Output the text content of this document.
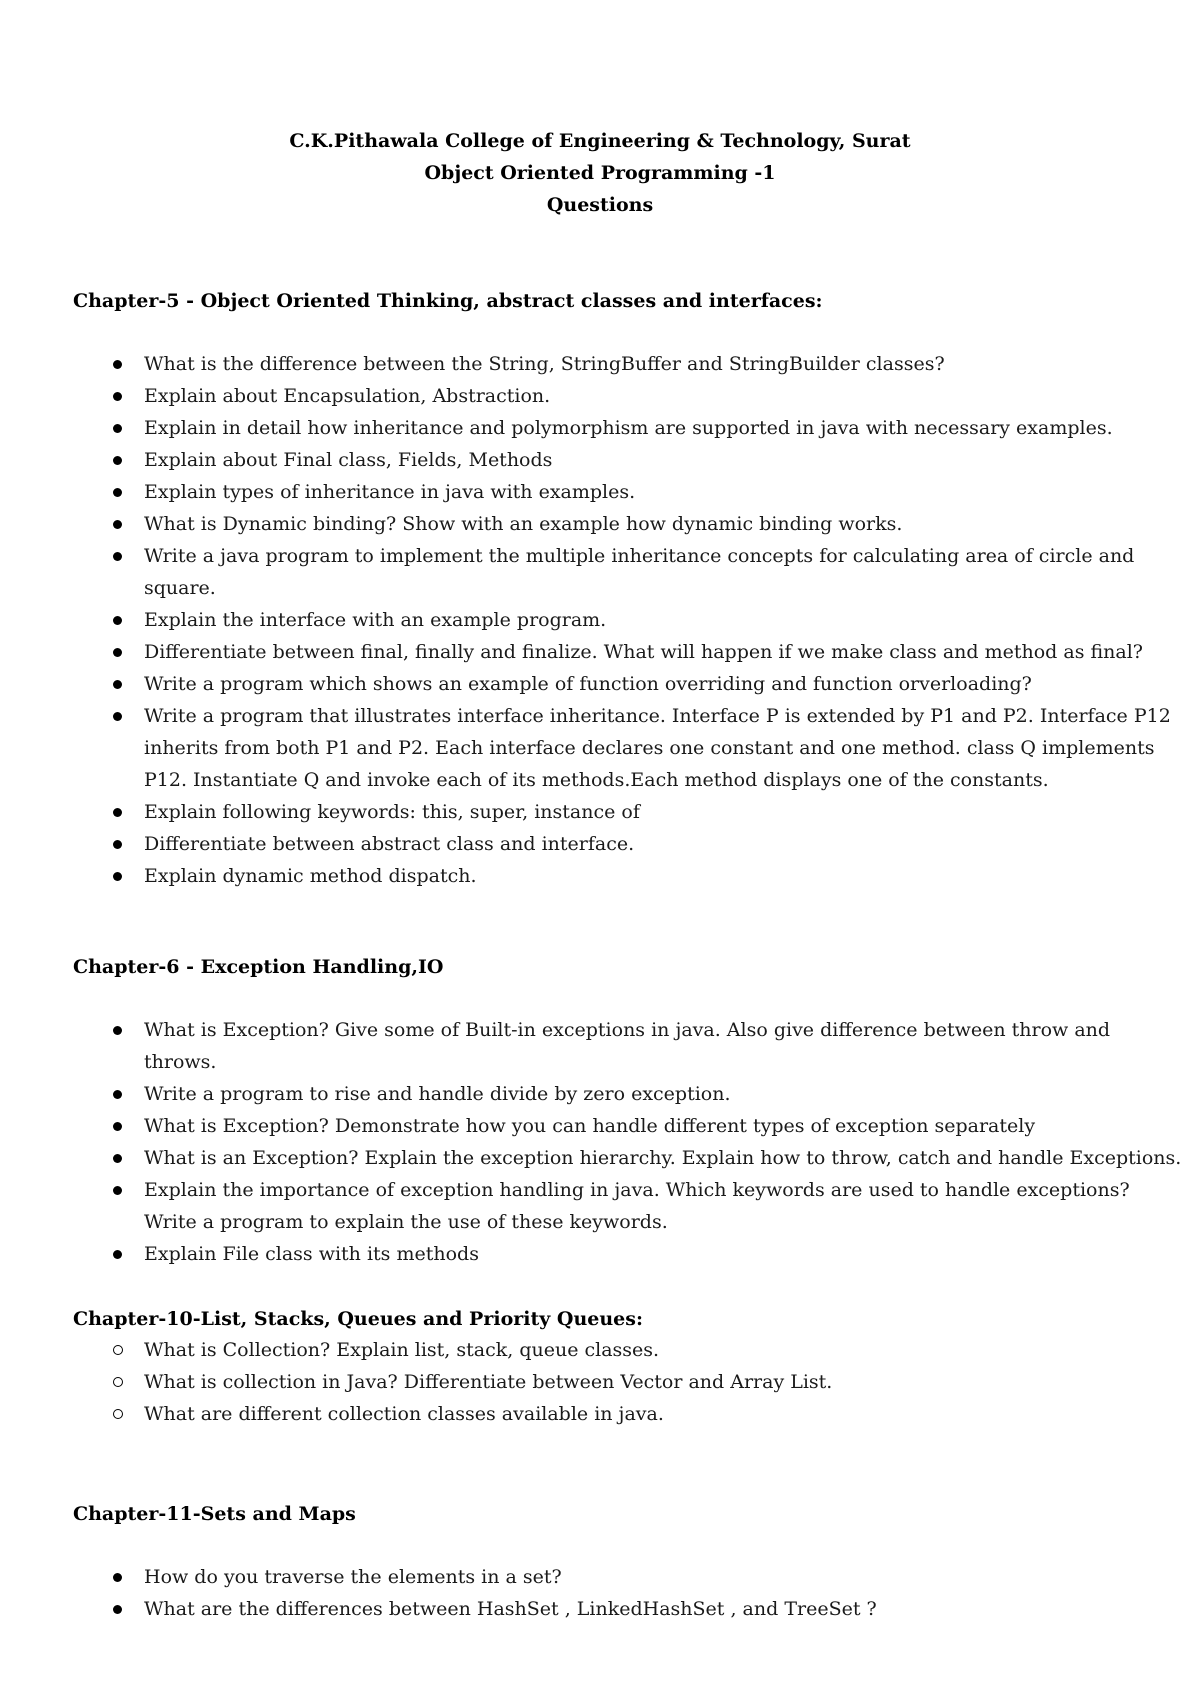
C.K.Pithawala College of Engineering & Technology, Surat
Object Oriented Programming -1
Questions
Chapter-5 - Object Oriented Thinking, abstract classes and interfaces:
What is the difference between the String, StringBuffer and StringBuilder classes?
Explain about Encapsulation, Abstraction.
Explain in detail how inheritance and polymorphism are supported in java with necessary examples.
Explain about Final class, Fields, Methods
Explain types of inheritance in java with examples.
What is Dynamic binding? Show with an example how dynamic binding works.
Write a java program to implement the multiple inheritance concepts for calculating area of circle and square.
Explain the interface with an example program.
Differentiate between final, finally and finalize. What will happen if we make class and method as final?
Write a program which shows an example of function overriding and function orverloading?
Write a program that illustrates interface inheritance. Interface P is extended by P1 and P2. Interface P12 inherits from both P1 and P2. Each interface declares one constant and one method. class Q implements P12. Instantiate Q and invoke each of its methods.Each method displays one of the constants.
Explain following keywords: this, super, instance of
Differentiate between abstract class and interface.
Explain dynamic method dispatch.
Chapter-6 - Exception Handling,IO
What is Exception? Give some of Built-in exceptions in java. Also give difference between throw and throws.
Write a program to rise and handle divide by zero exception.
What is Exception? Demonstrate how you can handle different types of exception separately
What is an Exception? Explain the exception hierarchy. Explain how to throw, catch and handle Exceptions.
Explain the importance of exception handling in java. Which keywords are used to handle exceptions? Write a program to explain the use of these keywords.
Explain File class with its methods
Chapter-10-List, Stacks, Queues and Priority Queues:
What is Collection? Explain list, stack, queue classes.
What is collection in Java? Differentiate between Vector and Array List.
What are different collection classes available in java.
Chapter-11-Sets and Maps
How do you traverse the elements in a set?
What are the differences between HashSet , LinkedHashSet , and TreeSet ?
